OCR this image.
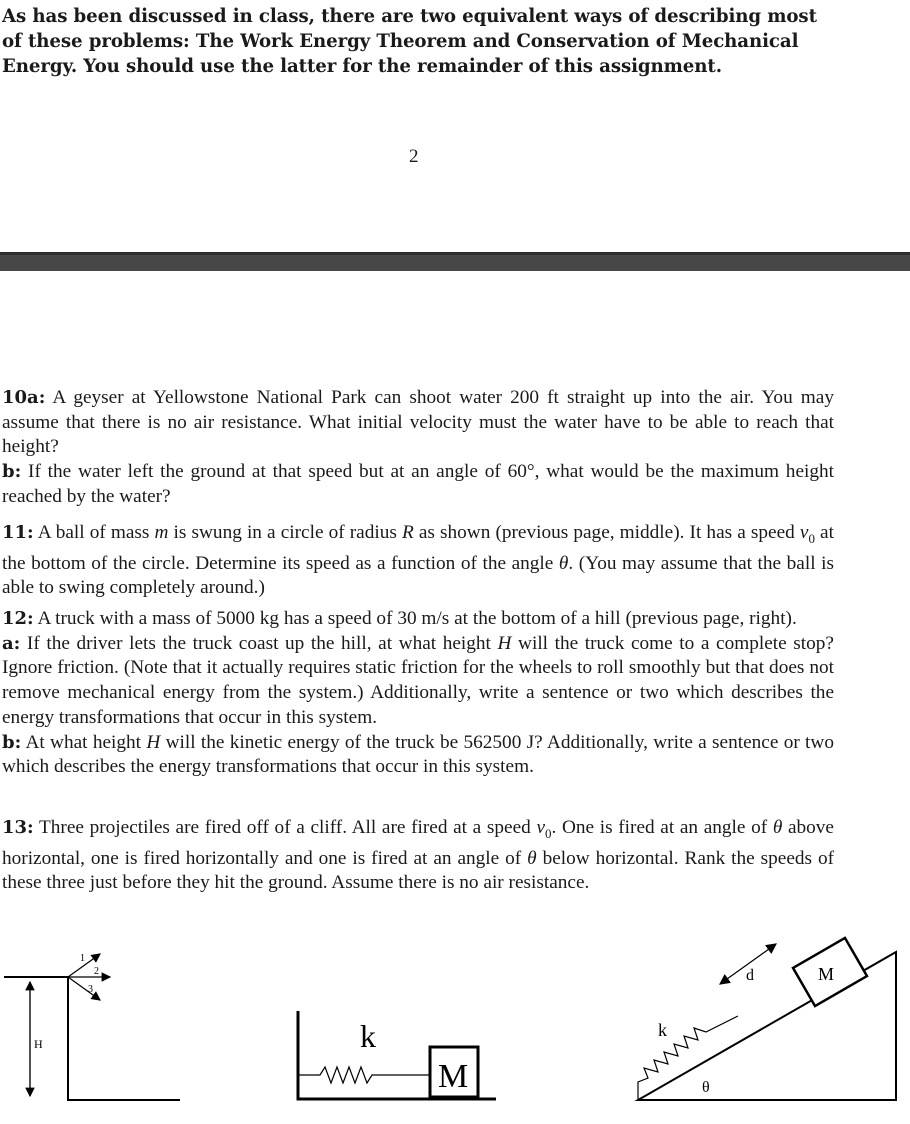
As has been discussed in class, there are two equivalent ways of describing most of these problems: The Work Energy Theorem and Conservation of Mechanical Energy. You should use the latter for the remainder of this assignment.
2
10a: A geyser at Yellowstone National Park can shoot water 200 ft straight up into the air. You may assume that there is no air resistance. What initial velocity must the water have to be able to reach that height?
b: If the water left the ground at that speed but at an angle of 60°, what would be the maximum height reached by the water?
11: A ball of mass m is swung in a circle of radius R as shown (previous page, middle). It has a speed $v_0$ at the bottom of the circle. Determine its speed as a function of the angle θ. (You may assume that the ball is able to swing completely around.)
12: A truck with a mass of 5000 kg has a speed of 30 m/s at the bottom of a hill (previous page, right).
a: If the driver lets the truck coast up the hill, at what height H will the truck come to a complete stop? Ignore friction. (Note that it actually requires static friction for the wheels to roll smoothly but that does not remove mechanical energy from the system.) Additionally, write a sentence or two which describes the energy transformations that occur in this system.
b: At what height H will the kinetic energy of the truck be 562500 J? Additionally, write a sentence or two which describes the energy transformations that occur in this system.
13: Three projectiles are fired off of a cliff. All are fired at a speed $v_0$. One is fired at an angle of θ above horizontal, one is fired horizontally and one is fired at an angle of θ below horizontal. Rank the speeds of these three just before they hit the ground. Assume there is no air resistance.
H
1
2
3
M
k	k
θ
d	M
